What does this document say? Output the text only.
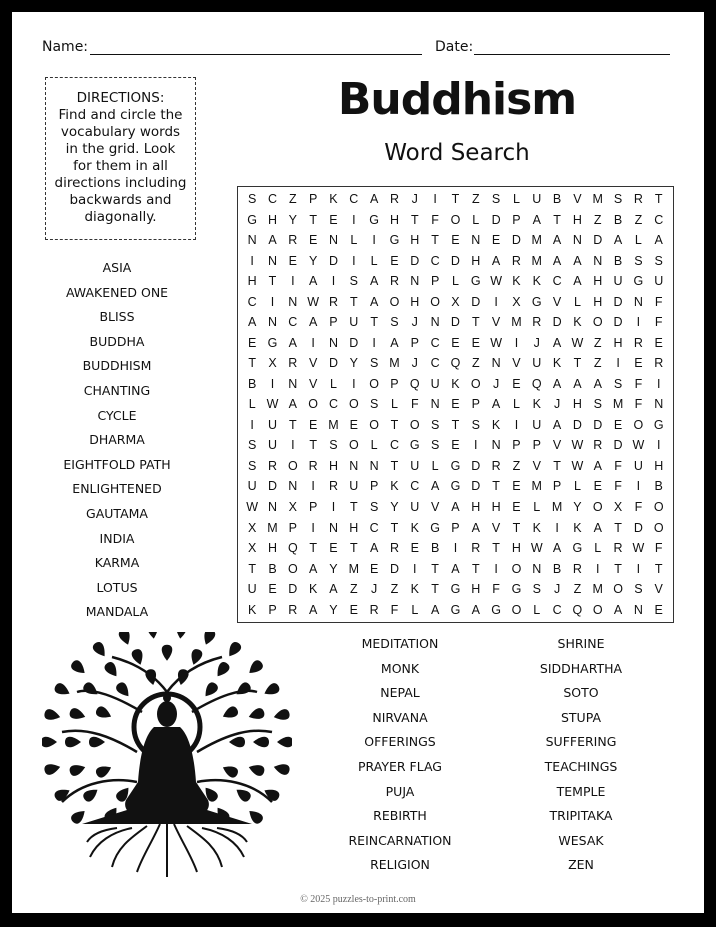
Name:	Date:
DIRECTIONS:
Find and circle the
vocabulary words
in the grid. Look
for them in all
directions including
backwards and
diagonally.
Buddhism
Word Search
S C Z P K C A R	J	I	T	Z S	L U B V M S R T
G H Y T E	I	G H T	F O L D P A T H Z B Z C
N A R E N L	I	G H T E N E D M A N D A	L	A
I	N E Y D	I	L	E D C D H A R M A A N B S S
H T	I	A	I	S A R N P	L G W K K C A H U G U
C	I	N W R T A O H O X D	I	X G V	L H D N F
A N C A P U T S	J	N D T V M R D K O D	I	F
E G A	I	N D	I	A P C E E W	I	J	A W Z H R E
T X R V D Y S M J	C Q Z N V U K T	Z	I	E R
B	I	N V	L	I	O P Q U K O J	E Q A A A S F	I
L W A O C O S	L	F N E P A	L	K	J	H S M F N
I	U T E M E O T O S T S K	I	U A D D E O G
S U	I	T S O L C G S E	I	N P P V W R D W	I
S R O R H N N T U L G D R Z V T W A F U H
U D N	I	R U P K C A G D T E M P	L	E F	I	B
W N X P	I	T S Y U V A H H E	L M Y O X F O
X M P	I	N H C T K G P A V T K	I	K A T D O
X H Q T E T A R E B	I	R T H W A G L R W F
T B O A Y M E D	I	T A T	I	O N B R	I	T	I	T
U E D K A Z	J	Z K T G H F G S	J	Z M O S V
K P R A Y E R F	L	A G A G O L C Q O A N E
ASIA
AWAKENED ONE
BLISS
BUDDHA
BUDDHISM
CHANTING
CYCLE
DHARMA
EIGHTFOLD PATH
ENLIGHTENED
GAUTAMA
INDIA
KARMA
LOTUS
MANDALA
MEDITATION
MONK
NEPAL
NIRVANA
OFFERINGS
PRAYER FLAG
PUJA
REBIRTH
REINCARNATION
RELIGION
SHRINE
SIDDHARTHA
SOTO
STUPA
SUFFERING
TEACHINGS
TEMPLE
TRIPITAKA
WESAK
ZEN
© 2025 puzzles-to-print.com
